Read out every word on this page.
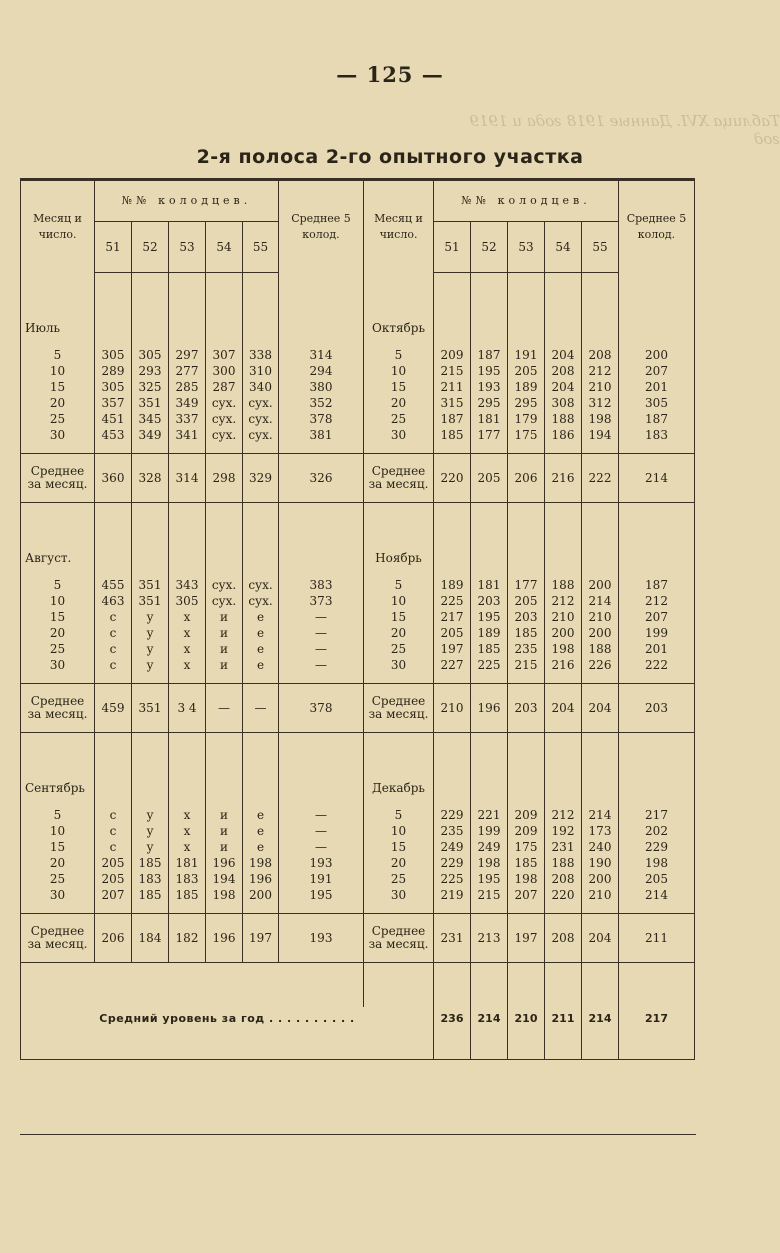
— 125 —
Таблица XVI. Данные 1918 года и 1919 год
2-я полоса 2-го опытного участка
Месяц и число.	№№ колодцев.					Среднее 5 колод.	Месяц и число.	№№ колодцев.					Среднее 5 колод.
	51	52	53	54	55			51	52	53	54	55	

Июль							Октябрь						

5	305	305	297	307	338	314	5	209	187	191	204	208	200
10	289	293	277	300	310	294	10	215	195	205	208	212	207
15	305	325	285	287	340	380	15	211	193	189	204	210	201
20	357	351	349	сух.	сух.	352	20	315	295	295	308	312	305
25	451	345	337	сух.	сух.	378	25	187	181	179	188	198	187
30	453	349	341	сух.	сух.	381	30	185	177	175	186	194	183

Среднее за месяц.	360	328	314	298	329	326	Среднее за месяц.	220	205	206	216	222	214

Август.							Ноябрь						

5	455	351	343	сух.	сух.	383	5	189	181	177	188	200	187
10	463	351	305	сух.	сух.	373	10	225	203	205	212	214	212
15	с	у	х	и	е	—	15	217	195	203	210	210	207
20	с	у	х	и	е	—	20	205	189	185	200	200	199
25	с	у	х	и	е	—	25	197	185	235	198	188	201
30	с	у	х	и	е	—	30	227	225	215	216	226	222

Среднее за месяц.	459	351	3 4	—	—	378	Среднее за месяц.	210	196	203	204	204	203

Сентябрь							Декабрь						

5	с	у	х	и	е	—	5	229	221	209	212	214	217
10	с	у	х	и	е	—	10	235	199	209	192	173	202
15	с	у	х	и	е	—	15	249	249	175	231	240	229
20	205	185	181	196	198	193	20	229	198	185	188	190	198
25	205	183	183	194	196	191	25	225	195	198	208	200	205
30	207	185	185	198	200	195	30	219	215	207	220	210	214

Среднее за месяц.	206	184	182	196	197	193	Среднее за месяц.	231	213	197	208	204	211

Средний уровень за год . . . . . . . . . .								236	214	210	211	214	217
